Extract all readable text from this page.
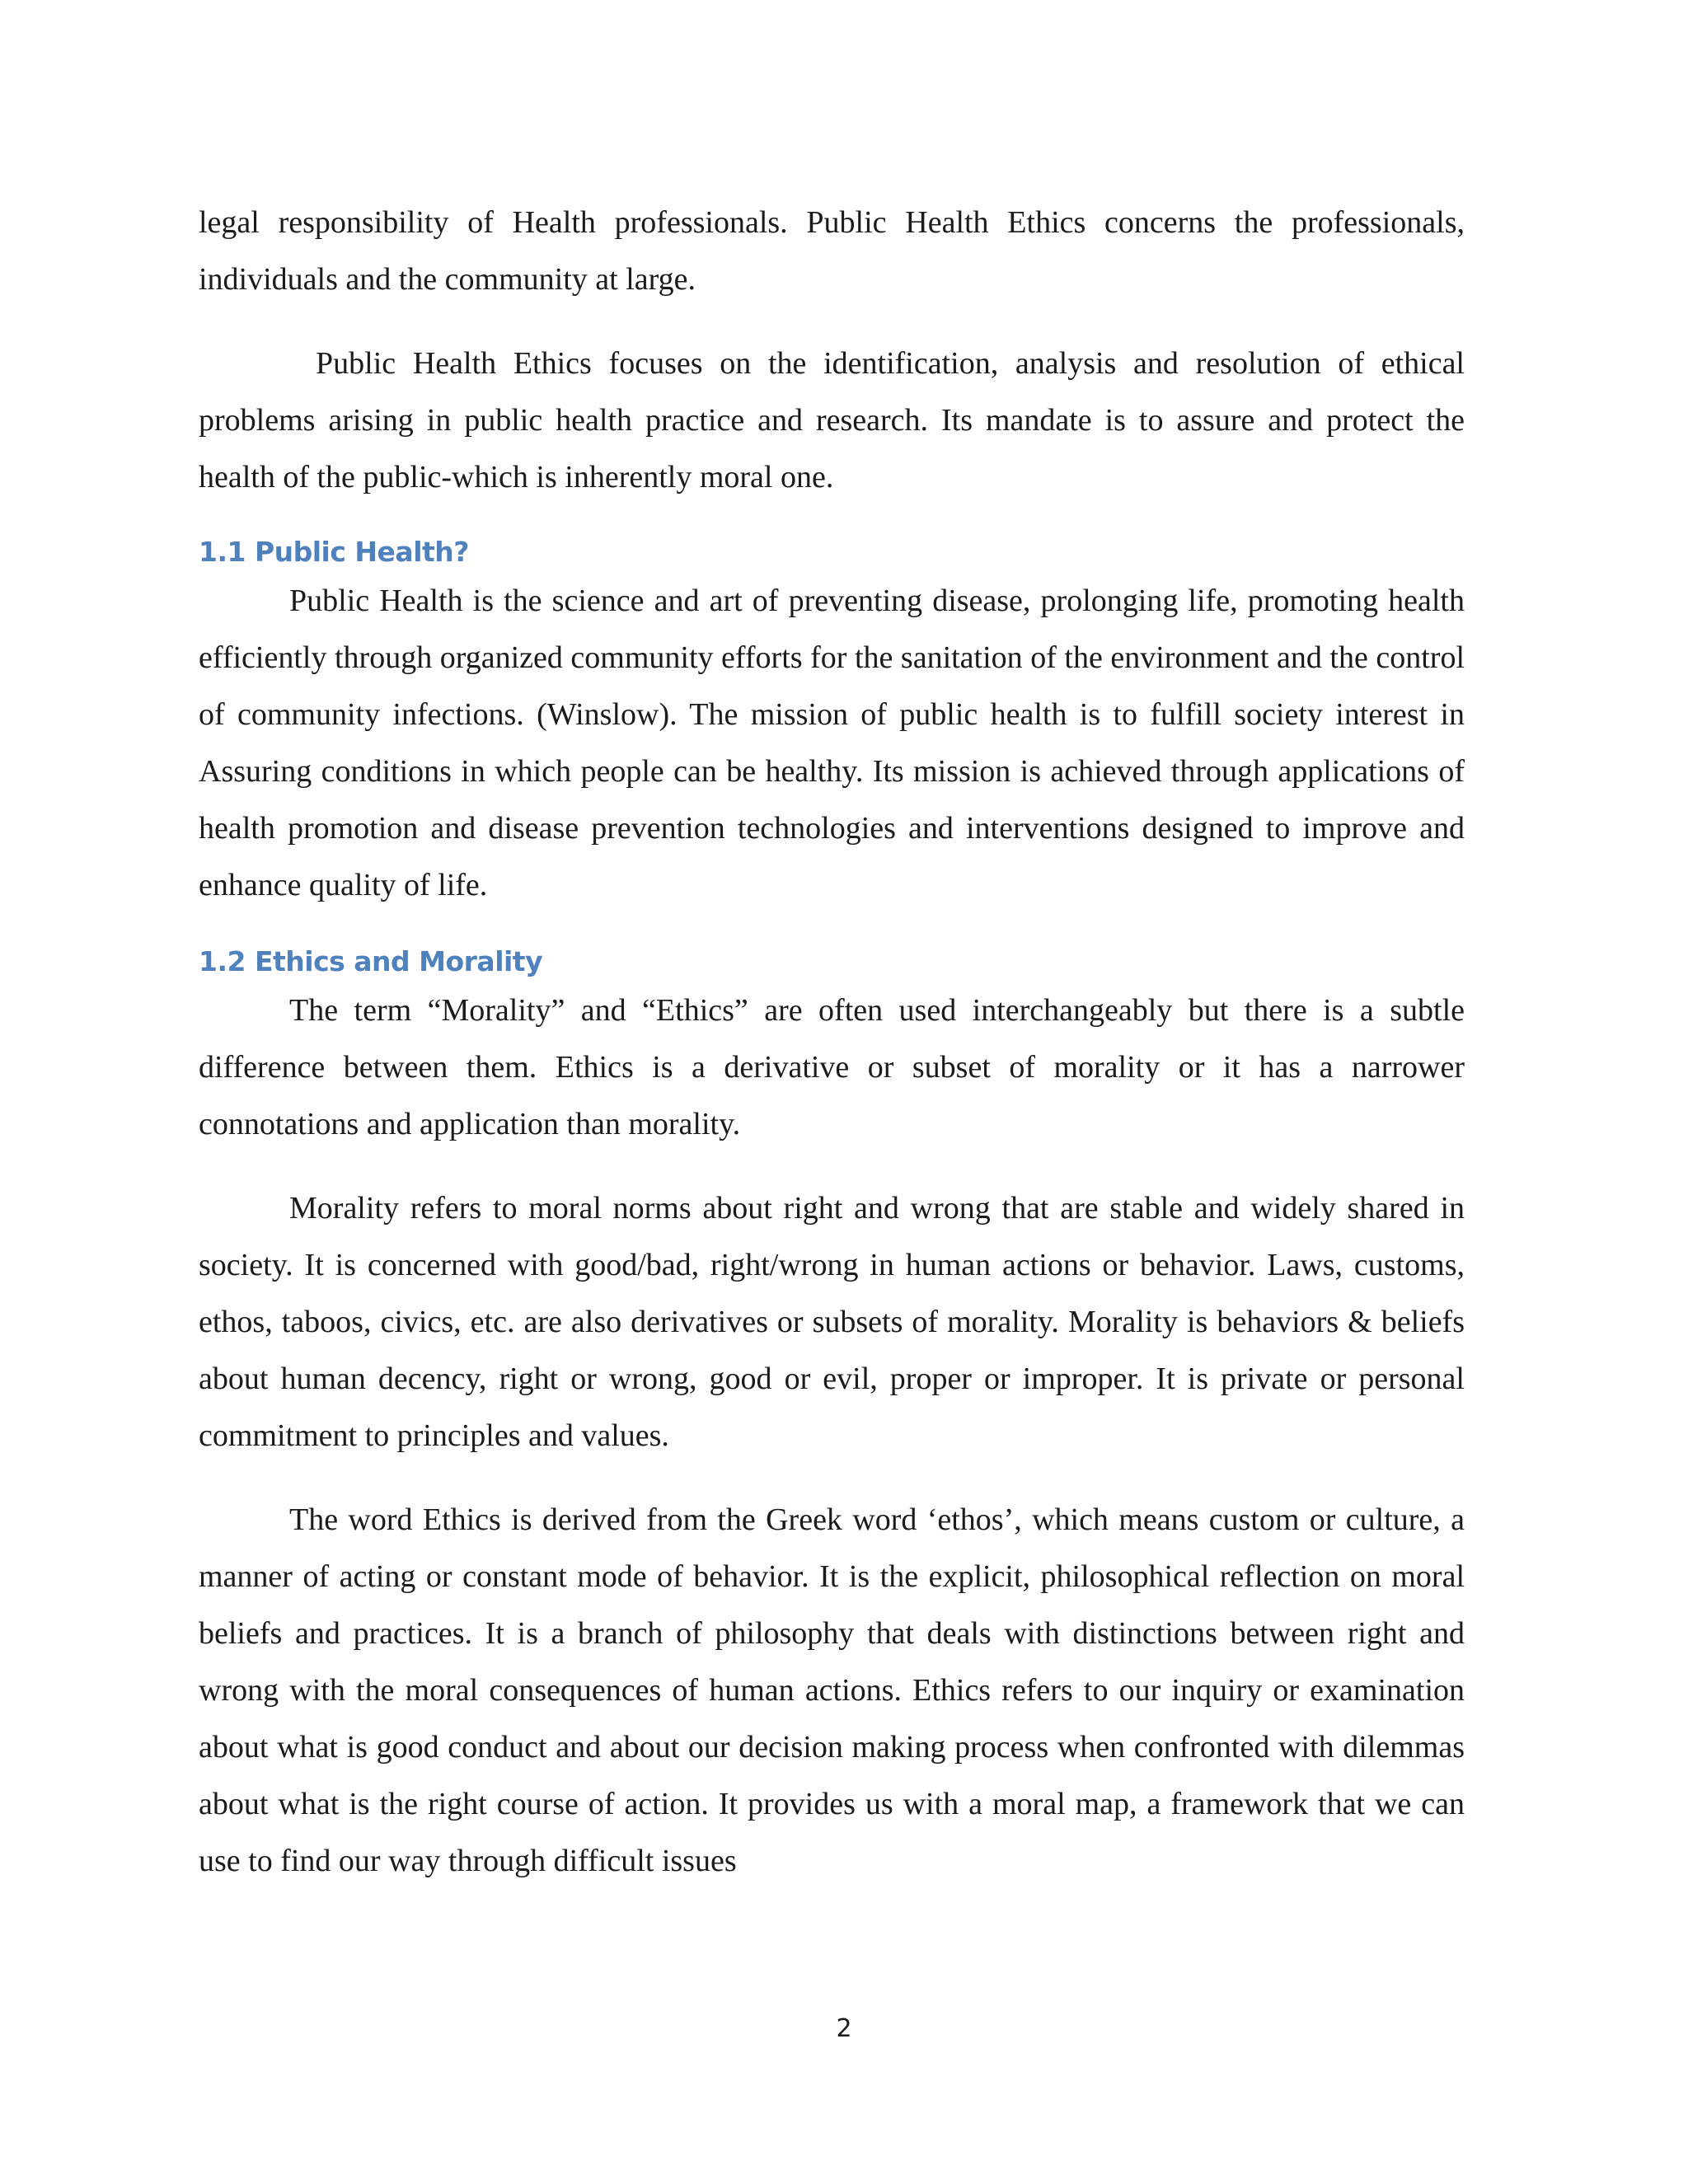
legal responsibility of Health professionals. Public Health Ethics concerns the professionals, individuals and the community at large.

Public Health Ethics focuses on the identification, analysis and resolution of ethical problems arising in public health practice and research. Its mandate is to assure and protect the health of the public-which is inherently moral one.

1.1 Public Health?

Public Health is the science and art of preventing disease, prolonging life, promoting health efficiently through organized community efforts for the sanitation of the environment and the control of community infections. (Winslow). The mission of public health is to fulfill society interest in Assuring conditions in which people can be healthy. Its mission is achieved through applications of health promotion and disease prevention technologies and interventions designed to improve and enhance quality of life.

1.2 Ethics and Morality

The term “Morality” and “Ethics” are often used interchangeably but there is a subtle difference between them. Ethics is a derivative or subset of morality or it has a narrower connotations and application than morality.

Morality refers to moral norms about right and wrong that are stable and widely shared in society. It is concerned with good/bad, right/wrong in human actions or behavior. Laws, customs, ethos, taboos, civics, etc. are also derivatives or subsets of morality. Morality is behaviors & beliefs about human decency, right or wrong, good or evil, proper or improper. It is private or personal commitment to principles and values.

The word Ethics is derived from the Greek word ‘ethos’, which means custom or culture, a manner of acting or constant mode of behavior. It is the explicit, philosophical reflection on moral beliefs and practices. It is a branch of philosophy that deals with distinctions between right and wrong with the moral consequences of human actions. Ethics refers to our inquiry or examination about what is good conduct and about our decision making process when confronted with dilemmas about what is the right course of action. It provides us with a moral map, a framework that we can use to find our way through difficult issues

2
